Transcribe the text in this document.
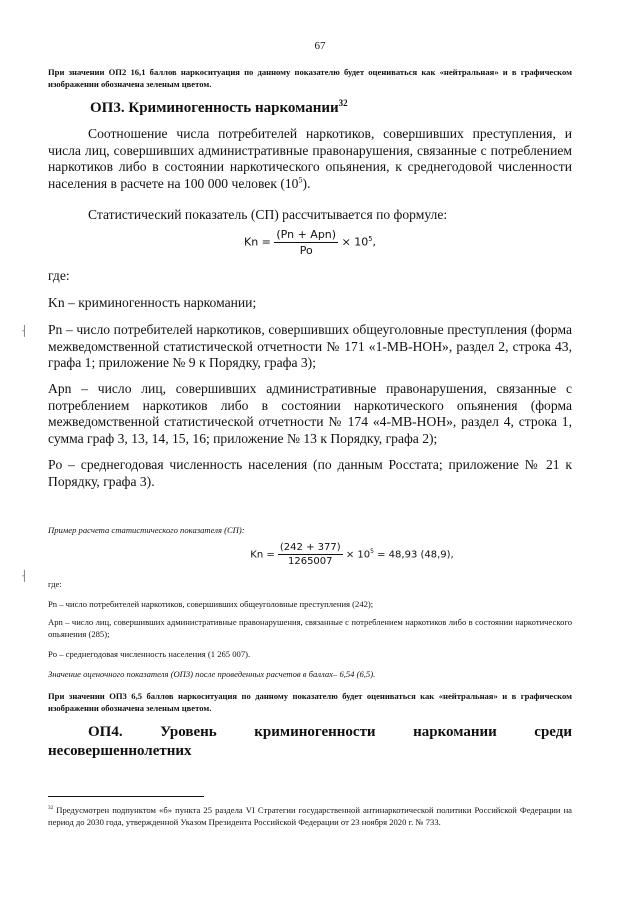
67
При значении ОП2 16,1 баллов наркоситуация по данному показателю будет оцениваться как «нейтральная» и в графическом изображении обозначена зеленым цветом.
ОП3. Криминогенность наркомании$^{32}$
Соотношение числа потребителей наркотиков, совершивших преступления, и числа лиц, совершивших административные правонарушения, связанные с потреблением наркотиков либо в состоянии наркотического опьянения, к среднегодовой численности населения в расчете на 100 000 человек $(10^5)$.
Статистический показатель (СП) рассчитывается по формуле:
$Kn = \frac{\text{(Pn + Apn)}}{Po} \times 10^5$,
где:
Kn – криминогенность наркомании;
Pn – число потребителей наркотиков, совершивших общеуголовные преступления (форма межведомственной статистической отчетности № 171 «1-МВ-НОН», раздел 2, строка 43, графа 1; приложение № 9 к Порядку, графа 3);
Apn – число лиц, совершивших административные правонарушения, связанные с потреблением наркотиков либо в состоянии наркотического опьянения (форма межведомственной статистической отчетности № 174 «4-МВ-НОН», раздел 4, строка 1, сумма граф 3, 13, 14, 15, 16; приложение № 13 к Порядку, графа 2);
Po – среднегодовая численность населения (по данным Росстата; приложение № 21 к Порядку, графа 3).
⸡
Пример расчета статистического показателя (СП):
$Kn = \frac{(242 + 377)}{1265007} \times 10^5 = 48,93$ (48,9),
⸡
где:
Pn – число потребителей наркотиков, совершивших общеуголовные преступления (242);
Apn – число лиц, совершивших административные правонарушения, связанные с потреблением наркотиков либо в состоянии наркотического опьянения (285);
Po – среднегодовая численность населения (1 265 007).
Значение оценочного показателя (ОП3) после проведенных расчетов в баллах– 6,54 (6,5).
При значении ОП3 6,5 баллов наркоситуация по данному показателю будет оцениваться как «нейтральная» и в графическом изображении обозначена зеленым цветом.
ОП4.	Уровень	криминогенности	наркомании	среди
несовершеннолетних
$^{32}$ Предусмотрен подпунктом «б» пункта 25 раздела VI Стратегии государственной антинаркотической политики Российской Федерации на период до 2030 года, утвержденной Указом Президента Российской Федерации от 23 ноября 2020 г. № 733.
